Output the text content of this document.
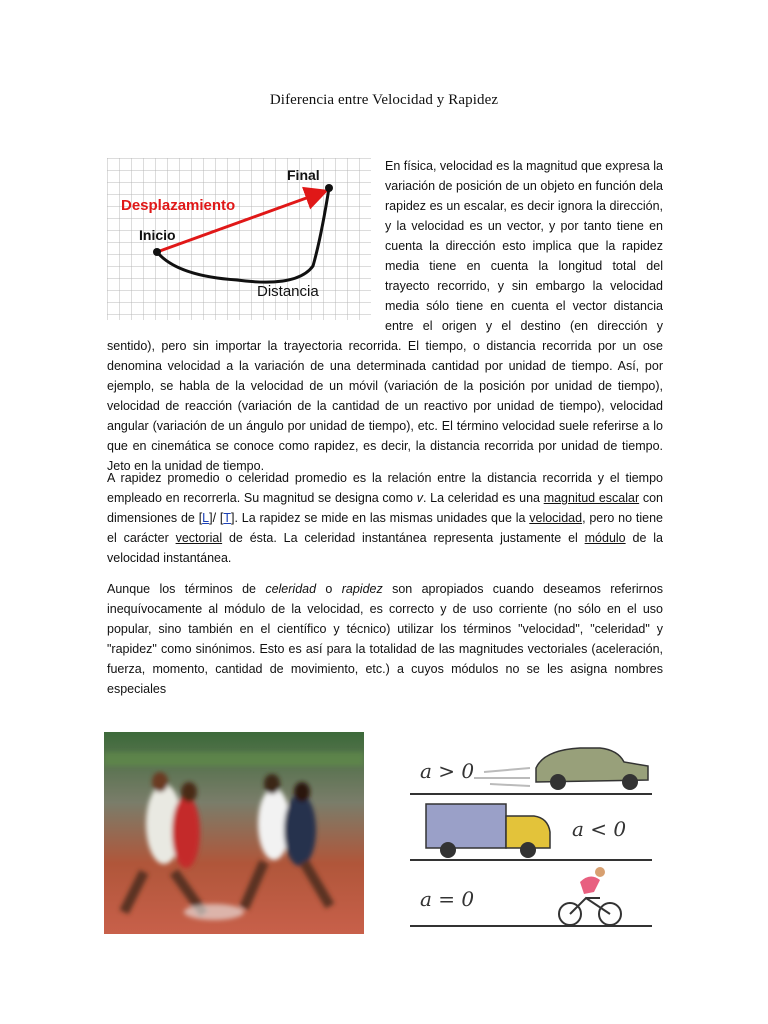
Diferencia entre Velocidad y Rapidez

Final
Desplazamiento
Inicio
Distancia
En física, velocidad es la magnitud que expresa la variación de posición de un objeto en función dela rapidez es un escalar, es decir ignora la dirección, y la velocidad es un vector, y por tanto tiene en cuenta la dirección esto implica que la rapidez media tiene en cuenta la longitud total del trayecto recorrido, y sin embargo la velocidad media sólo tiene en cuenta el vector distancia entre el origen y el destino (en dirección y sentido), pero sin importar la trayectoria recorrida. El tiempo, o distancia recorrida por un ose denomina velocidad a la variación de una determinada cantidad por unidad de tiempo. Así, por ejemplo, se habla de la velocidad de un móvil (variación de la posición por unidad de tiempo), velocidad de reacción (variación de la cantidad de un reactivo por unidad de tiempo), velocidad angular (variación de un ángulo por unidad de tiempo), etc. El término velocidad suele referirse a lo que en cinemática se conoce como rapidez, es decir, la distancia recorrida por unidad de tiempo. Jeto en la unidad de tiempo.

A rapidez promedio o celeridad promedio es la relación entre la distancia recorrida y el tiempo empleado en recorrerla. Su magnitud se designa como v. La celeridad es una magnitud escalar con dimensiones de [L]/ [T]. La rapidez se mide en las mismas unidades que la velocidad, pero no tiene el carácter vectorial de ésta. La celeridad instantánea representa justamente el módulo de la velocidad instantánea.

Aunque los términos de celeridad o rapidez son apropiados cuando deseamos referirnos inequívocamente al módulo de la velocidad, es correcto y de uso corriente (no sólo en el uso popular, sino también en el científico y técnico) utilizar los términos "velocidad", "celeridad" y "rapidez" como sinónimos. Esto es así para la totalidad de las magnitudes vectoriales (aceleración, fuerza, momento, cantidad de movimiento, etc.) a cuyos módulos no se les asigna nombres especiales

a > 0
a < 0
a = 0
